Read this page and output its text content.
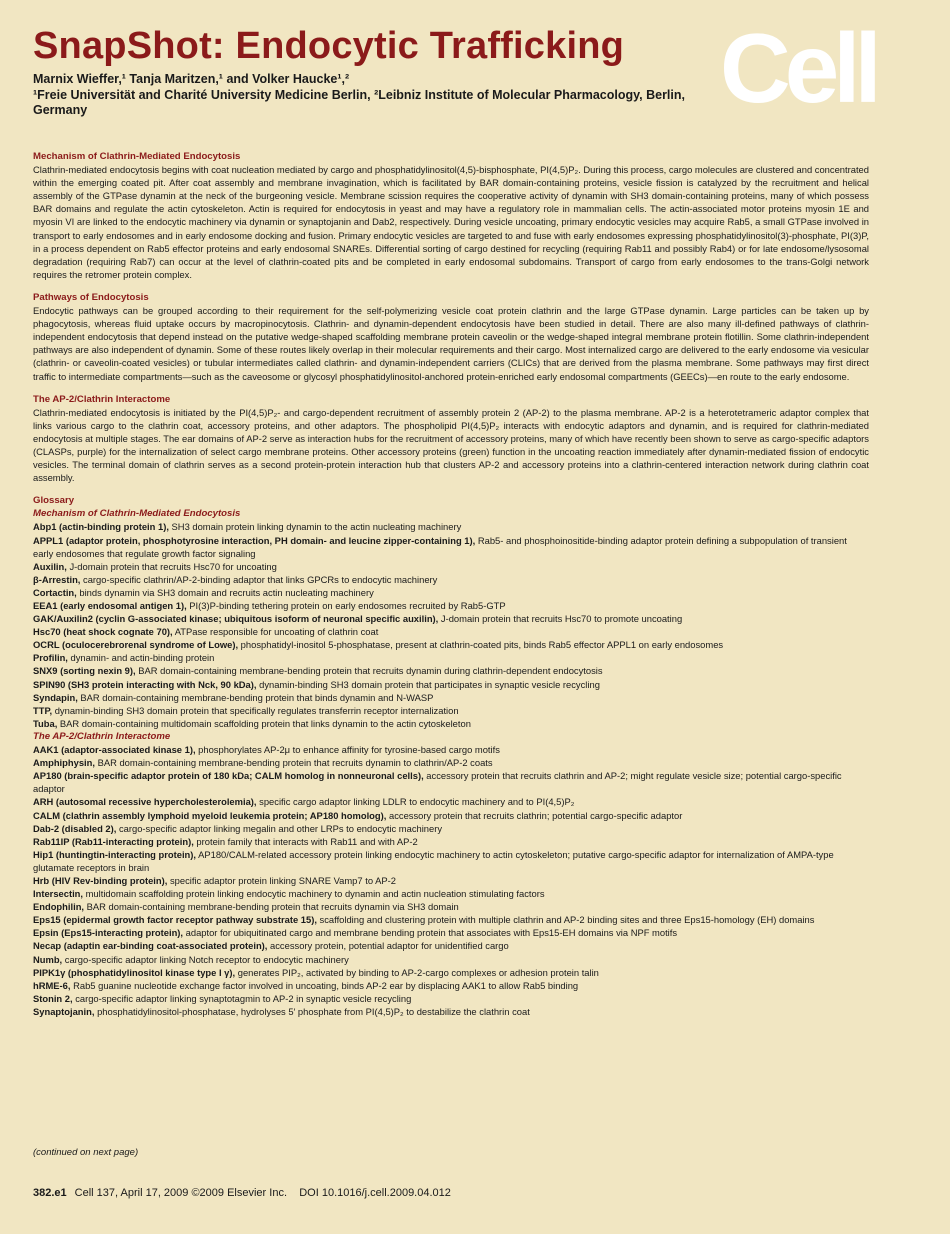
SnapShot: Endocytic Trafficking Cell
Marnix Wieffer,¹ Tanja Maritzen,¹ and Volker Haucke¹,²
¹Freie Universität and Charité University Medicine Berlin, ²Leibniz Institute of Molecular Pharmacology, Berlin, Germany
Mechanism of Clathrin-Mediated Endocytosis
Clathrin-mediated endocytosis begins with coat nucleation mediated by cargo and phosphatidylinositol(4,5)-bisphosphate, PI(4,5)P₂. During this process, cargo molecules are clustered and concentrated within the emerging coated pit. After coat assembly and membrane invagination, which is facilitated by BAR domain-containing proteins, vesicle fission is catalyzed by the recruitment and helical assembly of the GTPase dynamin at the neck of the burgeoning vesicle. Membrane scission requires the cooperative activity of dynamin with SH3 domain-containing proteins, many of which possess BAR domains and regulate the actin cytoskeleton. Actin is required for endocytosis in yeast and may have a regulatory role in mammalian cells. The actin-associated motor proteins myosin 1E and myosin VI are linked to the endocytic machinery via dynamin or synaptojanin and Dab2, respectively. During vesicle uncoating, primary endocytic vesicles may acquire Rab5, a small GTPase involved in transport to early endosomes and in early endosome docking and fusion. Primary endocytic vesicles are targeted to and fuse with early endosomes expressing phosphatidylinositol(3)-phosphate, PI(3)P, in a process dependent on Rab5 effector proteins and early endosomal SNAREs. Differential sorting of cargo destined for recycling (requiring Rab11 and possibly Rab4) or for late endosome/lysosomal degradation (requiring Rab7) can occur at the level of clathrin-coated pits and be completed in early endosomal subdomains. Transport of cargo from early endosomes to the trans-Golgi network requires the retromer protein complex.
Pathways of Endocytosis
Endocytic pathways can be grouped according to their requirement for the self-polymerizing vesicle coat protein clathrin and the large GTPase dynamin. Large particles can be taken up by phagocytosis, whereas fluid uptake occurs by macropinocytosis. Clathrin- and dynamin-dependent endocytosis have been studied in detail. There are also many ill-defined pathways of clathrin-independent endocytosis that depend instead on the putative wedge-shaped scaffolding membrane protein caveolin or the wedge-shaped integral membrane protein flotillin. Some clathrin-independent pathways are also independent of dynamin. Some of these routes likely overlap in their molecular requirements and their cargo. Most internalized cargo are delivered to the early endosome via vesicular (clathrin- or caveolin-coated vesicles) or tubular intermediates called clathrin- and dynamin-independent carriers (CLICs) that are derived from the plasma membrane. Some pathways may first direct traffic to intermediate compartments—such as the caveosome or glycosyl phosphatidylinositol-anchored protein-enriched early endosomal compartments (GEECs)—en route to the early endosome.
The AP-2/Clathrin Interactome
Clathrin-mediated endocytosis is initiated by the PI(4,5)P₂- and cargo-dependent recruitment of assembly protein 2 (AP-2) to the plasma membrane. AP-2 is a heterotetrameric adaptor complex that links various cargo to the clathrin coat, accessory proteins, and other adaptors. The phospholipid PI(4,5)P₂ interacts with endocytic adaptors and dynamin, and is required for clathrin-mediated endocytosis at multiple stages. The ear domains of AP-2 serve as interaction hubs for the recruitment of accessory proteins, many of which have recently been shown to serve as cargo-specific adaptors (CLASPs, purple) for the internalization of select cargo membrane proteins. Other accessory proteins (green) function in the uncoating reaction immediately after dynamin-mediated fission of endocytic vesicles. The terminal domain of clathrin serves as a second protein-protein interaction hub that clusters AP-2 and accessory proteins into a clathrin-centered interaction network during clathrin coat assembly.
Glossary
Mechanism of Clathrin-Mediated Endocytosis
Abp1 (actin-binding protein 1), SH3 domain protein linking dynamin to the actin nucleating machinery
APPL1 (adaptor protein, phosphotyrosine interaction, PH domain- and leucine zipper-containing 1), Rab5- and phosphoinositide-binding adaptor protein defining a subpopulation of transient early endosomes that regulate growth factor signaling
Auxilin, J-domain protein that recruits Hsc70 for uncoating
β-Arrestin, cargo-specific clathrin/AP-2-binding adaptor that links GPCRs to endocytic machinery
Cortactin, binds dynamin via SH3 domain and recruits actin nucleating machinery
EEA1 (early endosomal antigen 1), PI(3)P-binding tethering protein on early endosomes recruited by Rab5-GTP
GAK/Auxilin2 (cyclin G-associated kinase; ubiquitous isoform of neuronal specific auxilin), J-domain protein that recruits Hsc70 to promote uncoating
Hsc70 (heat shock cognate 70), ATPase responsible for uncoating of clathrin coat
OCRL (oculocerebrorenal syndrome of Lowe), phosphatidyl-inositol 5-phosphatase, present at clathrin-coated pits, binds Rab5 effector APPL1 on early endosomes
Profilin, dynamin- and actin-binding protein
SNX9 (sorting nexin 9), BAR domain-containing membrane-bending protein that recruits dynamin during clathrin-dependent endocytosis
SPIN90 (SH3 protein interacting with Nck, 90 kDa), dynamin-binding SH3 domain protein that participates in synaptic vesicle recycling
Syndapin, BAR domain-containing membrane-bending protein that binds dynamin and N-WASP
TTP, dynamin-binding SH3 domain protein that specifically regulates transferrin receptor internalization
Tuba, BAR domain-containing multidomain scaffolding protein that links dynamin to the actin cytoskeleton
The AP-2/Clathrin Interactome
AAK1 (adaptor-associated kinase 1), phosphorylates AP-2μ to enhance affinity for tyrosine-based cargo motifs
Amphiphysin, BAR domain-containing membrane-bending protein that recruits dynamin to clathrin/AP-2 coats
AP180 (brain-specific adaptor protein of 180 kDa; CALM homolog in nonneuronal cells), accessory protein that recruits clathrin and AP-2; might regulate vesicle size; potential cargo-specific adaptor
ARH (autosomal recessive hypercholesterolemia), specific cargo adaptor linking LDLR to endocytic machinery and to PI(4,5)P₂
CALM (clathrin assembly lymphoid myeloid leukemia protein; AP180 homolog), accessory protein that recruits clathrin; potential cargo-specific adaptor
Dab-2 (disabled 2), cargo-specific adaptor linking megalin and other LRPs to endocytic machinery
Rab11IP (Rab11-interacting protein), protein family that interacts with Rab11 and with AP-2
Hip1 (huntingtin-interacting protein), AP180/CALM-related accessory protein linking endocytic machinery to actin cytoskeleton; putative cargo-specific adaptor for internalization of AMPA-type glutamate receptors in brain
Hrb (HIV Rev-binding protein), specific adaptor protein linking SNARE Vamp7 to AP-2
Intersectin, multidomain scaffolding protein linking endocytic machinery to dynamin and actin nucleation stimulating factors
Endophilin, BAR domain-containing membrane-bending protein that recruits dynamin via SH3 domain
Eps15 (epidermal growth factor receptor pathway substrate 15), scaffolding and clustering protein with multiple clathrin and AP-2 binding sites and three Eps15-homology (EH) domains
Epsin (Eps15-interacting protein), adaptor for ubiquitinated cargo and membrane bending protein that associates with Eps15-EH domains via NPF motifs
Necap (adaptin ear-binding coat-associated protein), accessory protein, potential adaptor for unidentified cargo
Numb, cargo-specific adaptor linking Notch receptor to endocytic machinery
PIPK1γ (phosphatidylinositol kinase type I γ), generates PIP₂, activated by binding to AP-2-cargo complexes or adhesion protein talin
hRME-6, Rab5 guanine nucleotide exchange factor involved in uncoating, binds AP-2 ear by displacing AAK1 to allow Rab5 binding
Stonin 2, cargo-specific adaptor linking synaptotagmin to AP-2 in synaptic vesicle recycling
Synaptojanin, phosphatidylinositol-phosphatase, hydrolyses 5′ phosphate from PI(4,5)P₂ to destabilize the clathrin coat
(continued on next page)
382.e1 Cell 137, April 17, 2009 ©2009 Elsevier Inc.    DOI 10.1016/j.cell.2009.04.012
